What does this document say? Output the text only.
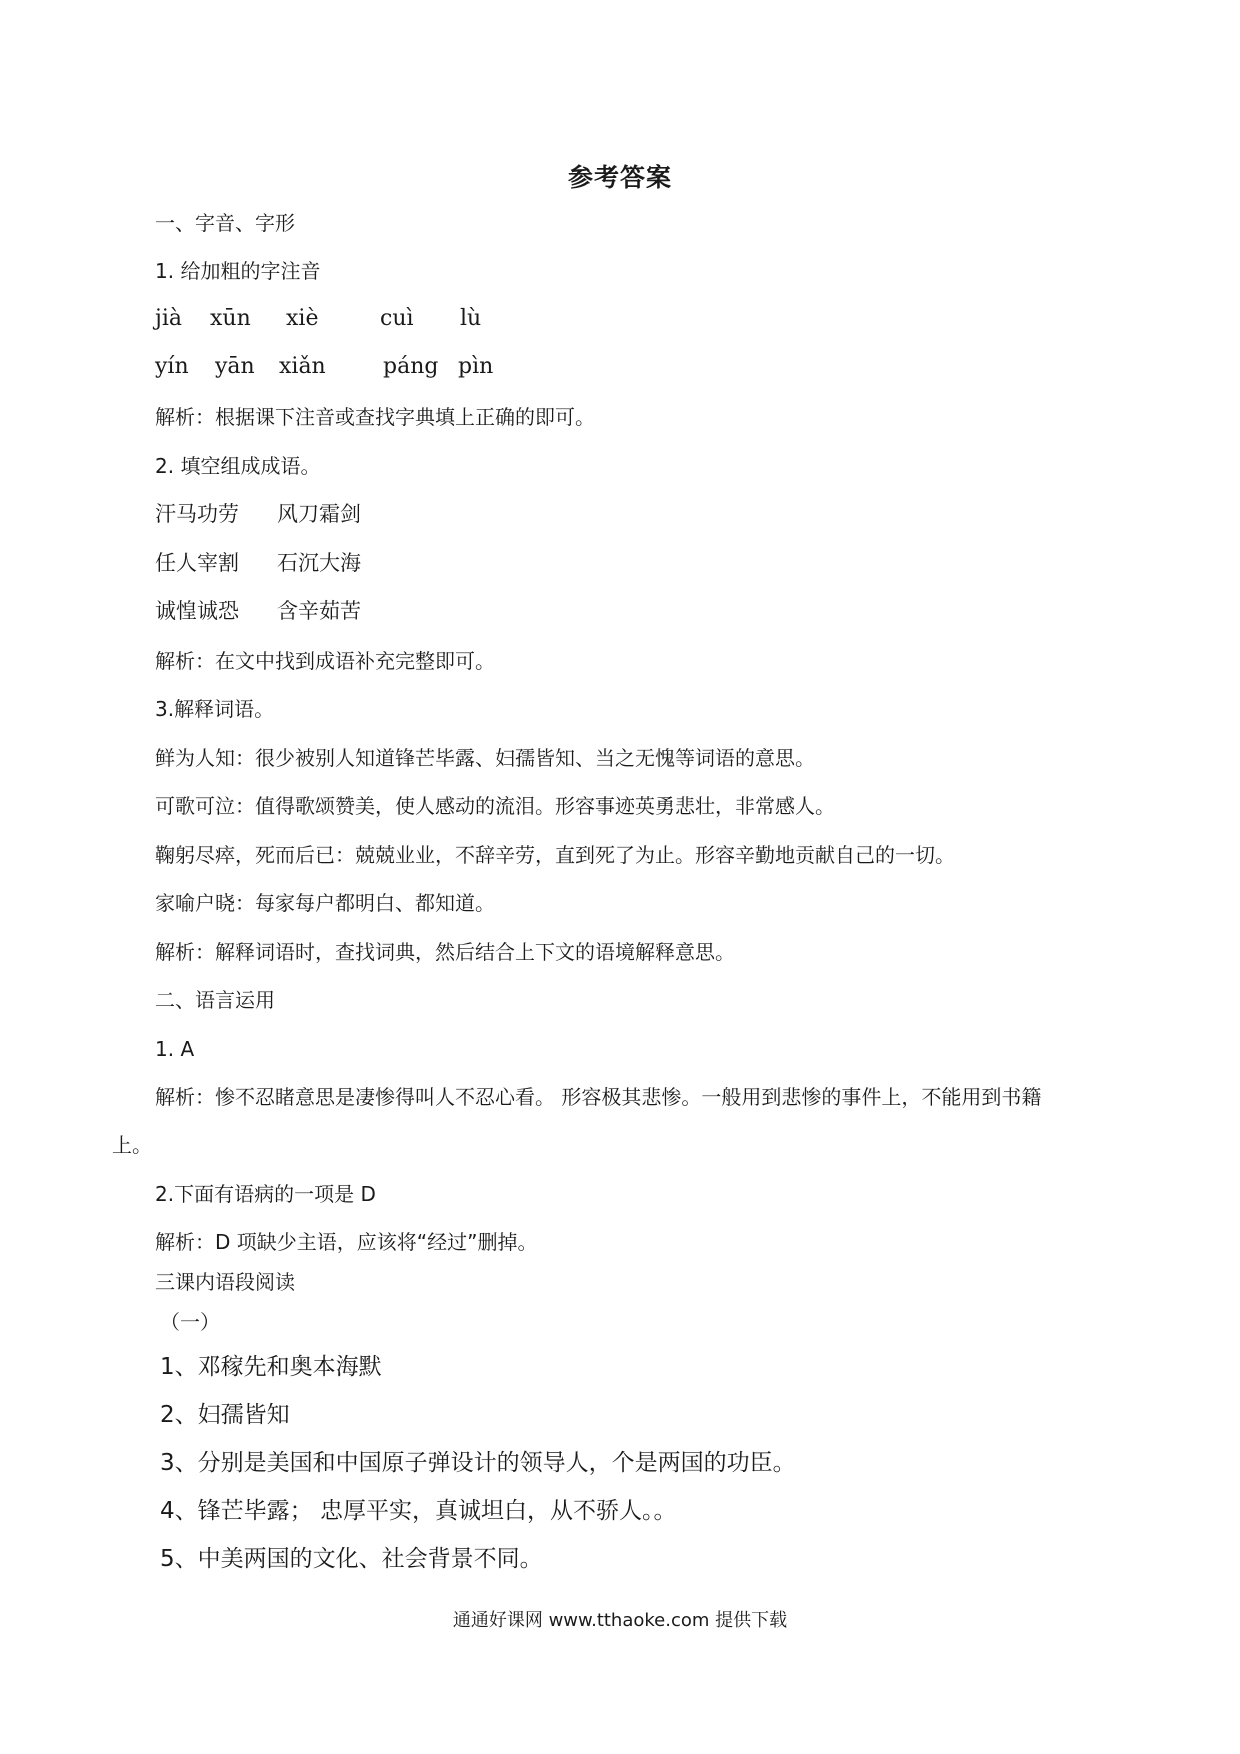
参考答案
一、字音、字形
1. 给加粗的字注音
jià xūn xiè	cuì lù
yín yān xiǎn	páng pìn
解析：根据课下注音或查找字典填上正确的即可。
2. 填空组成成语。
汗马功劳 风刀霜剑
任人宰割 石沉大海
诚惶诚恐 含辛茹苦
解析：在文中找到成语补充完整即可。
3.解释词语。
鲜为人知：很少被别人知道锋芒毕露、妇孺皆知、当之无愧等词语的意思。
可歌可泣：值得歌颂赞美，使人感动的流泪。形容事迹英勇悲壮，非常感人。
鞠躬尽瘁，死而后已：兢兢业业，不辞辛劳，直到死了为止。形容辛勤地贡献自己的一切。
家喻户晓：每家每户都明白、都知道。
解析：解释词语时，查找词典，然后结合上下文的语境解释意思。
二、语言运用
1. A
解析：惨不忍睹意思是凄惨得叫人不忍心看。 形容极其悲惨。一般用到悲惨的事件上，不能用到书籍
上。
2.下面有语病的一项是 D
解析：D 项缺少主语，应该将“经过”删掉。
三课内语段阅读
（一）
1、邓稼先和奥本海默
2、妇孺皆知
3、分别是美国和中国原子弹设计的领导人，个是两国的功臣。
4、锋芒毕露； 忠厚平实，真诚坦白，从不骄人。。
5、中美两国的文化、社会背景不同。
通通好课网 www.tthaoke.com 提供下载
